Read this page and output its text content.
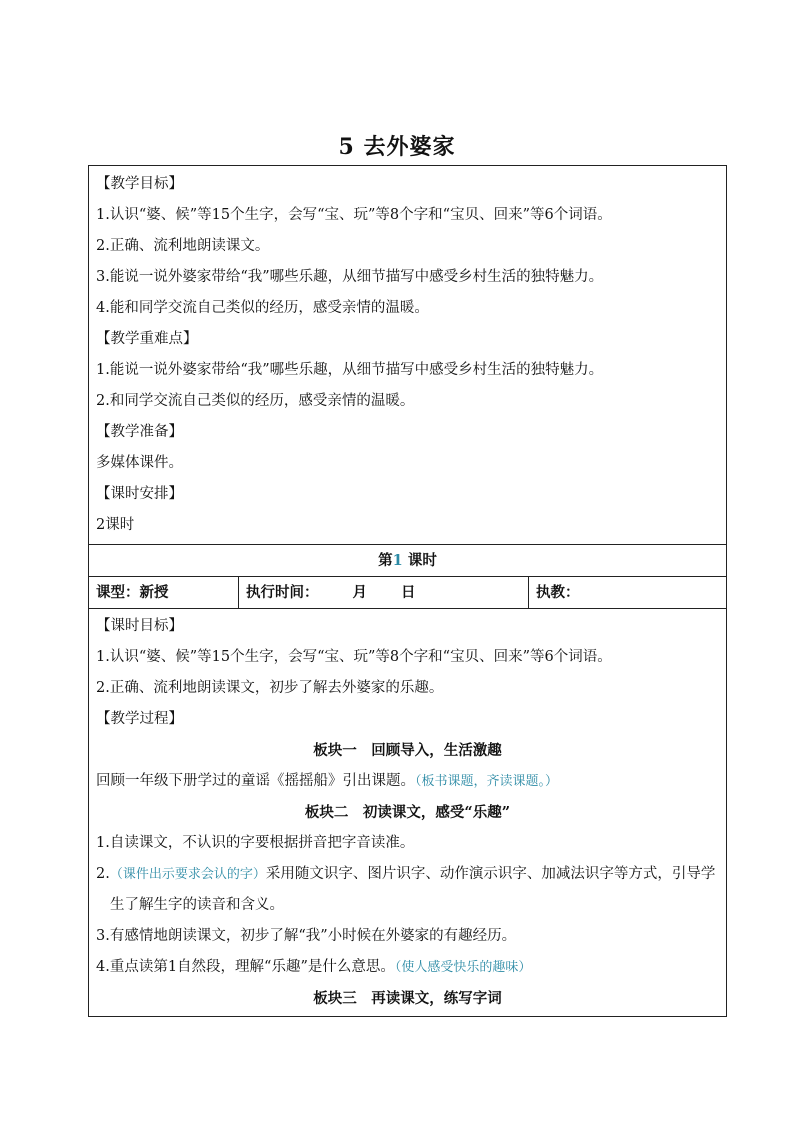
5 去外婆家
【教学目标】
1.认识“婆、候”等15个生字，会写“宝、玩”等8个字和“宝贝、回来”等6个词语。
2.正确、流利地朗读课文。
3.能说一说外婆家带给“我”哪些乐趣，从细节描写中感受乡村生活的独特魅力。
4.能和同学交流自己类似的经历，感受亲情的温暖。
【教学重难点】
1.能说一说外婆家带给“我”哪些乐趣，从细节描写中感受乡村生活的独特魅力。
2.和同学交流自己类似的经历，感受亲情的温暖。
【教学准备】
多媒体课件。
【课时安排】
2课时

第1 课时
课型：新授	执行时间： 月 日	执教：

【课时目标】
1.认识“婆、候”等15个生字，会写“宝、玩”等8个字和“宝贝、回来”等6个词语。
2.正确、流利地朗读课文，初步了解去外婆家的乐趣。
【教学过程】
板块一　回顾导入，生活激趣
回顾一年级下册学过的童谣《摇摇船》引出课题。（板书课题，齐读课题。）
板块二　初读课文，感受“乐趣”
1.自读课文，不认识的字要根据拼音把字音读准。
2.（课件出示要求会认的字）采用随文识字、图片识字、动作演示识字、加减法识字等方式，引导学生了解生字的读音和含义。
3.有感情地朗读课文，初步了解“我”小时候在外婆家的有趣经历。
4.重点读第1自然段，理解“乐趣”是什么意思。（使人感受快乐的趣味）
板块三　再读课文，练写字词
